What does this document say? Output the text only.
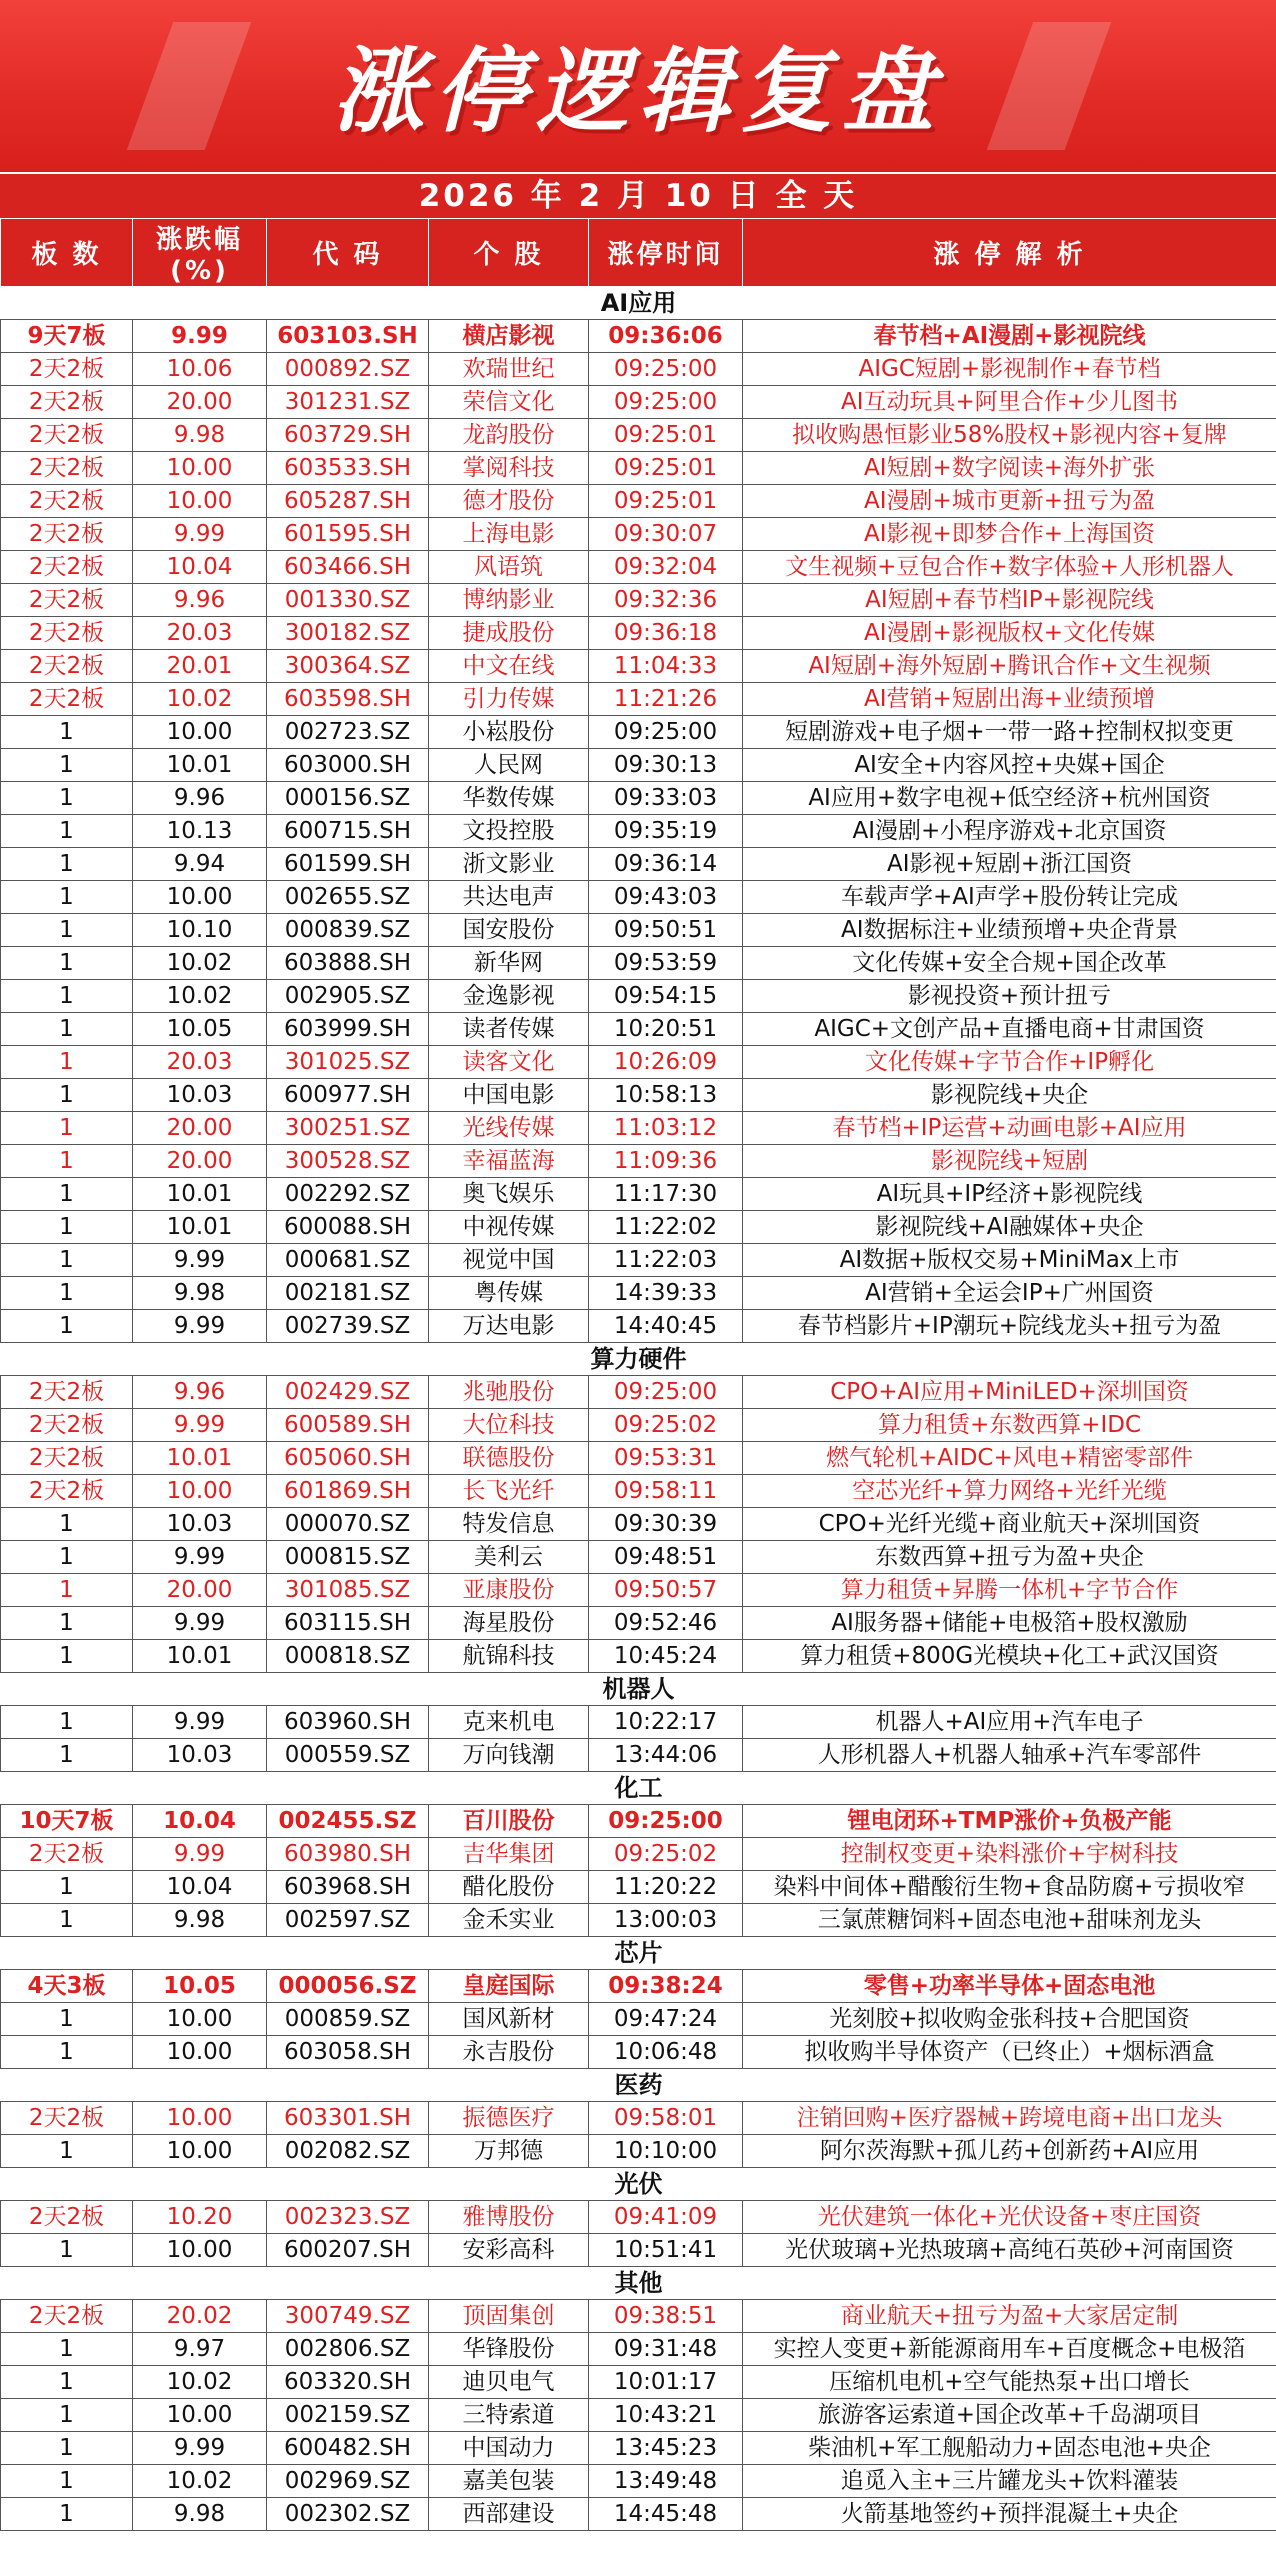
涨停逻辑复盘
2026 年 2 月 10 日 全 天
板 数	涨跌幅(%)	代 码	个 股	涨停时间	涨 停 解 析
AI应用					
9天7板	9.99	603103.SH	横店影视	09:36:06	春节档+AI漫剧+影视院线
2天2板	10.06	000892.SZ	欢瑞世纪	09:25:00	AIGC短剧+影视制作+春节档
2天2板	20.00	301231.SZ	荣信文化	09:25:00	AI互动玩具+阿里合作+少儿图书
2天2板	9.98	603729.SH	龙韵股份	09:25:01	拟收购愚恒影业58%股权+影视内容+复牌
2天2板	10.00	603533.SH	掌阅科技	09:25:01	AI短剧+数字阅读+海外扩张
2天2板	10.00	605287.SH	德才股份	09:25:01	AI漫剧+城市更新+扭亏为盈
2天2板	9.99	601595.SH	上海电影	09:30:07	AI影视+即梦合作+上海国资
2天2板	10.04	603466.SH	风语筑	09:32:04	文生视频+豆包合作+数字体验+人形机器人
2天2板	9.96	001330.SZ	博纳影业	09:32:36	AI短剧+春节档IP+影视院线
2天2板	20.03	300182.SZ	捷成股份	09:36:18	AI漫剧+影视版权+文化传媒
2天2板	20.01	300364.SZ	中文在线	11:04:33	AI短剧+海外短剧+腾讯合作+文生视频
2天2板	10.02	603598.SH	引力传媒	11:21:26	AI营销+短剧出海+业绩预增
1	10.00	002723.SZ	小崧股份	09:25:00	短剧游戏+电子烟+一带一路+控制权拟变更
1	10.01	603000.SH	人民网	09:30:13	AI安全+内容风控+央媒+国企
1	9.96	000156.SZ	华数传媒	09:33:03	AI应用+数字电视+低空经济+杭州国资
1	10.13	600715.SH	文投控股	09:35:19	AI漫剧+小程序游戏+北京国资
1	9.94	601599.SH	浙文影业	09:36:14	AI影视+短剧+浙江国资
1	10.00	002655.SZ	共达电声	09:43:03	车载声学+AI声学+股份转让完成
1	10.10	000839.SZ	国安股份	09:50:51	AI数据标注+业绩预增+央企背景
1	10.02	603888.SH	新华网	09:53:59	文化传媒+安全合规+国企改革
1	10.02	002905.SZ	金逸影视	09:54:15	影视投资+预计扭亏
1	10.05	603999.SH	读者传媒	10:20:51	AIGC+文创产品+直播电商+甘肃国资
1	20.03	301025.SZ	读客文化	10:26:09	文化传媒+字节合作+IP孵化
1	10.03	600977.SH	中国电影	10:58:13	影视院线+央企
1	20.00	300251.SZ	光线传媒	11:03:12	春节档+IP运营+动画电影+AI应用
1	20.00	300528.SZ	幸福蓝海	11:09:36	影视院线+短剧
1	10.01	002292.SZ	奥飞娱乐	11:17:30	AI玩具+IP经济+影视院线
1	10.01	600088.SH	中视传媒	11:22:02	影视院线+AI融媒体+央企
1	9.99	000681.SZ	视觉中国	11:22:03	AI数据+版权交易+MiniMax上市
1	9.98	002181.SZ	粤传媒	14:39:33	AI营销+全运会IP+广州国资
1	9.99	002739.SZ	万达电影	14:40:45	春节档影片+IP潮玩+院线龙头+扭亏为盈
算力硬件					
2天2板	9.96	002429.SZ	兆驰股份	09:25:00	CPO+AI应用+MiniLED+深圳国资
2天2板	9.99	600589.SH	大位科技	09:25:02	算力租赁+东数西算+IDC
2天2板	10.01	605060.SH	联德股份	09:53:31	燃气轮机+AIDC+风电+精密零部件
2天2板	10.00	601869.SH	长飞光纤	09:58:11	空芯光纤+算力网络+光纤光缆
1	10.03	000070.SZ	特发信息	09:30:39	CPO+光纤光缆+商业航天+深圳国资
1	9.99	000815.SZ	美利云	09:48:51	东数西算+扭亏为盈+央企
1	20.00	301085.SZ	亚康股份	09:50:57	算力租赁+昇腾一体机+字节合作
1	9.99	603115.SH	海星股份	09:52:46	AI服务器+储能+电极箔+股权激励
1	10.01	000818.SZ	航锦科技	10:45:24	算力租赁+800G光模块+化工+武汉国资
机器人					
1	9.99	603960.SH	克来机电	10:22:17	机器人+AI应用+汽车电子
1	10.03	000559.SZ	万向钱潮	13:44:06	人形机器人+机器人轴承+汽车零部件
化工					
10天7板	10.04	002455.SZ	百川股份	09:25:00	锂电闭环+TMP涨价+负极产能
2天2板	9.99	603980.SH	吉华集团	09:25:02	控制权变更+染料涨价+宇树科技
1	10.04	603968.SH	醋化股份	11:20:22	染料中间体+醋酸衍生物+食品防腐+亏损收窄
1	9.98	002597.SZ	金禾实业	13:00:03	三氯蔗糖饲料+固态电池+甜味剂龙头
芯片					
4天3板	10.05	000056.SZ	皇庭国际	09:38:24	零售+功率半导体+固态电池
1	10.00	000859.SZ	国风新材	09:47:24	光刻胶+拟收购金张科技+合肥国资
1	10.00	603058.SH	永吉股份	10:06:48	拟收购半导体资产（已终止）+烟标酒盒
医药					
2天2板	10.00	603301.SH	振德医疗	09:58:01	注销回购+医疗器械+跨境电商+出口龙头
1	10.00	002082.SZ	万邦德	10:10:00	阿尔茨海默+孤儿药+创新药+AI应用
光伏					
2天2板	10.20	002323.SZ	雅博股份	09:41:09	光伏建筑一体化+光伏设备+枣庄国资
1	10.00	600207.SH	安彩高科	10:51:41	光伏玻璃+光热玻璃+高纯石英砂+河南国资
其他					
2天2板	20.02	300749.SZ	顶固集创	09:38:51	商业航天+扭亏为盈+大家居定制
1	9.97	002806.SZ	华锋股份	09:31:48	实控人变更+新能源商用车+百度概念+电极箔
1	10.02	603320.SH	迪贝电气	10:01:17	压缩机电机+空气能热泵+出口增长
1	10.00	002159.SZ	三特索道	10:43:21	旅游客运索道+国企改革+千岛湖项目
1	9.99	600482.SH	中国动力	13:45:23	柴油机+军工舰船动力+固态电池+央企
1	10.02	002969.SZ	嘉美包装	13:49:48	追觅入主+三片罐龙头+饮料灌装
1	9.98	002302.SZ	西部建设	14:45:48	火箭基地签约+预拌混凝土+央企
